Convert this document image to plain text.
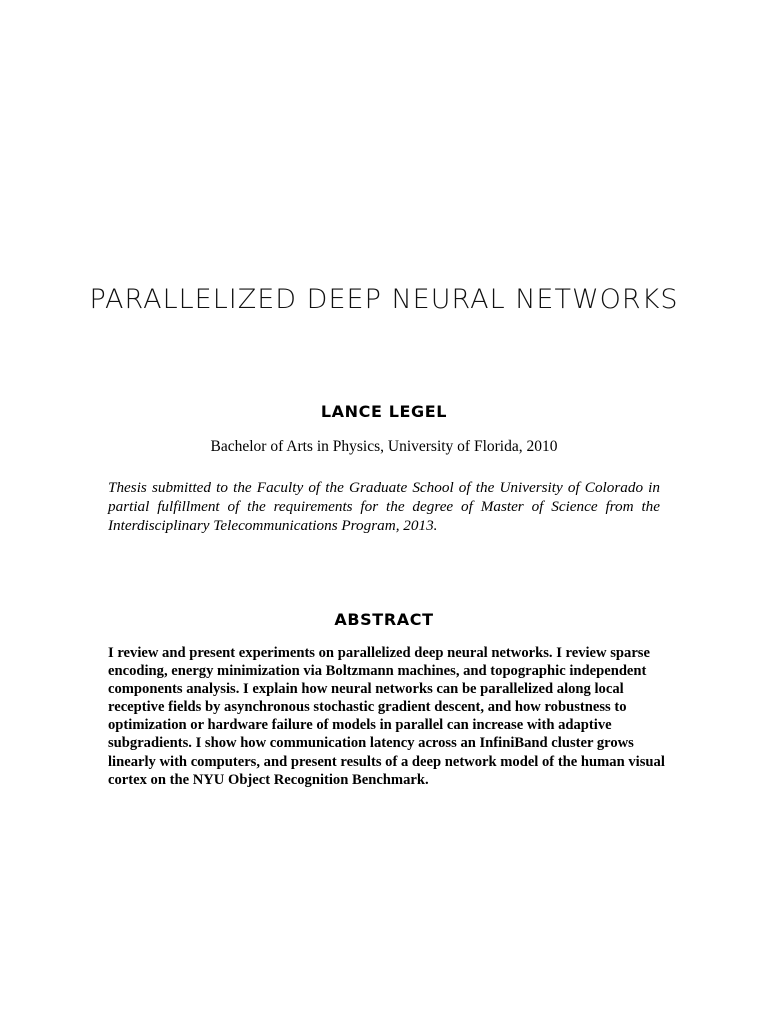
PARALLELIZED DEEP NEURAL NETWORKS
LANCE LEGEL
Bachelor of Arts in Physics, University of Florida, 2010
Thesis submitted to the Faculty of the Graduate School of the University of Colorado in partial fulfillment of the requirements for the degree of Master of Science from the Interdisciplinary Telecommunications Program, 2013.
ABSTRACT
I review and present experiments on parallelized deep neural networks. I review sparse encoding, energy minimization via Boltzmann machines, and topographic independent components analysis. I explain how neural networks can be parallelized along local receptive fields by asynchronous stochastic gradient descent, and how robustness to optimization or hardware failure of models in parallel can increase with adaptive subgradients. I show how communication latency across an InfiniBand cluster grows linearly with computers, and present results of a deep network model of the human visual cortex on the NYU Object Recognition Benchmark.
